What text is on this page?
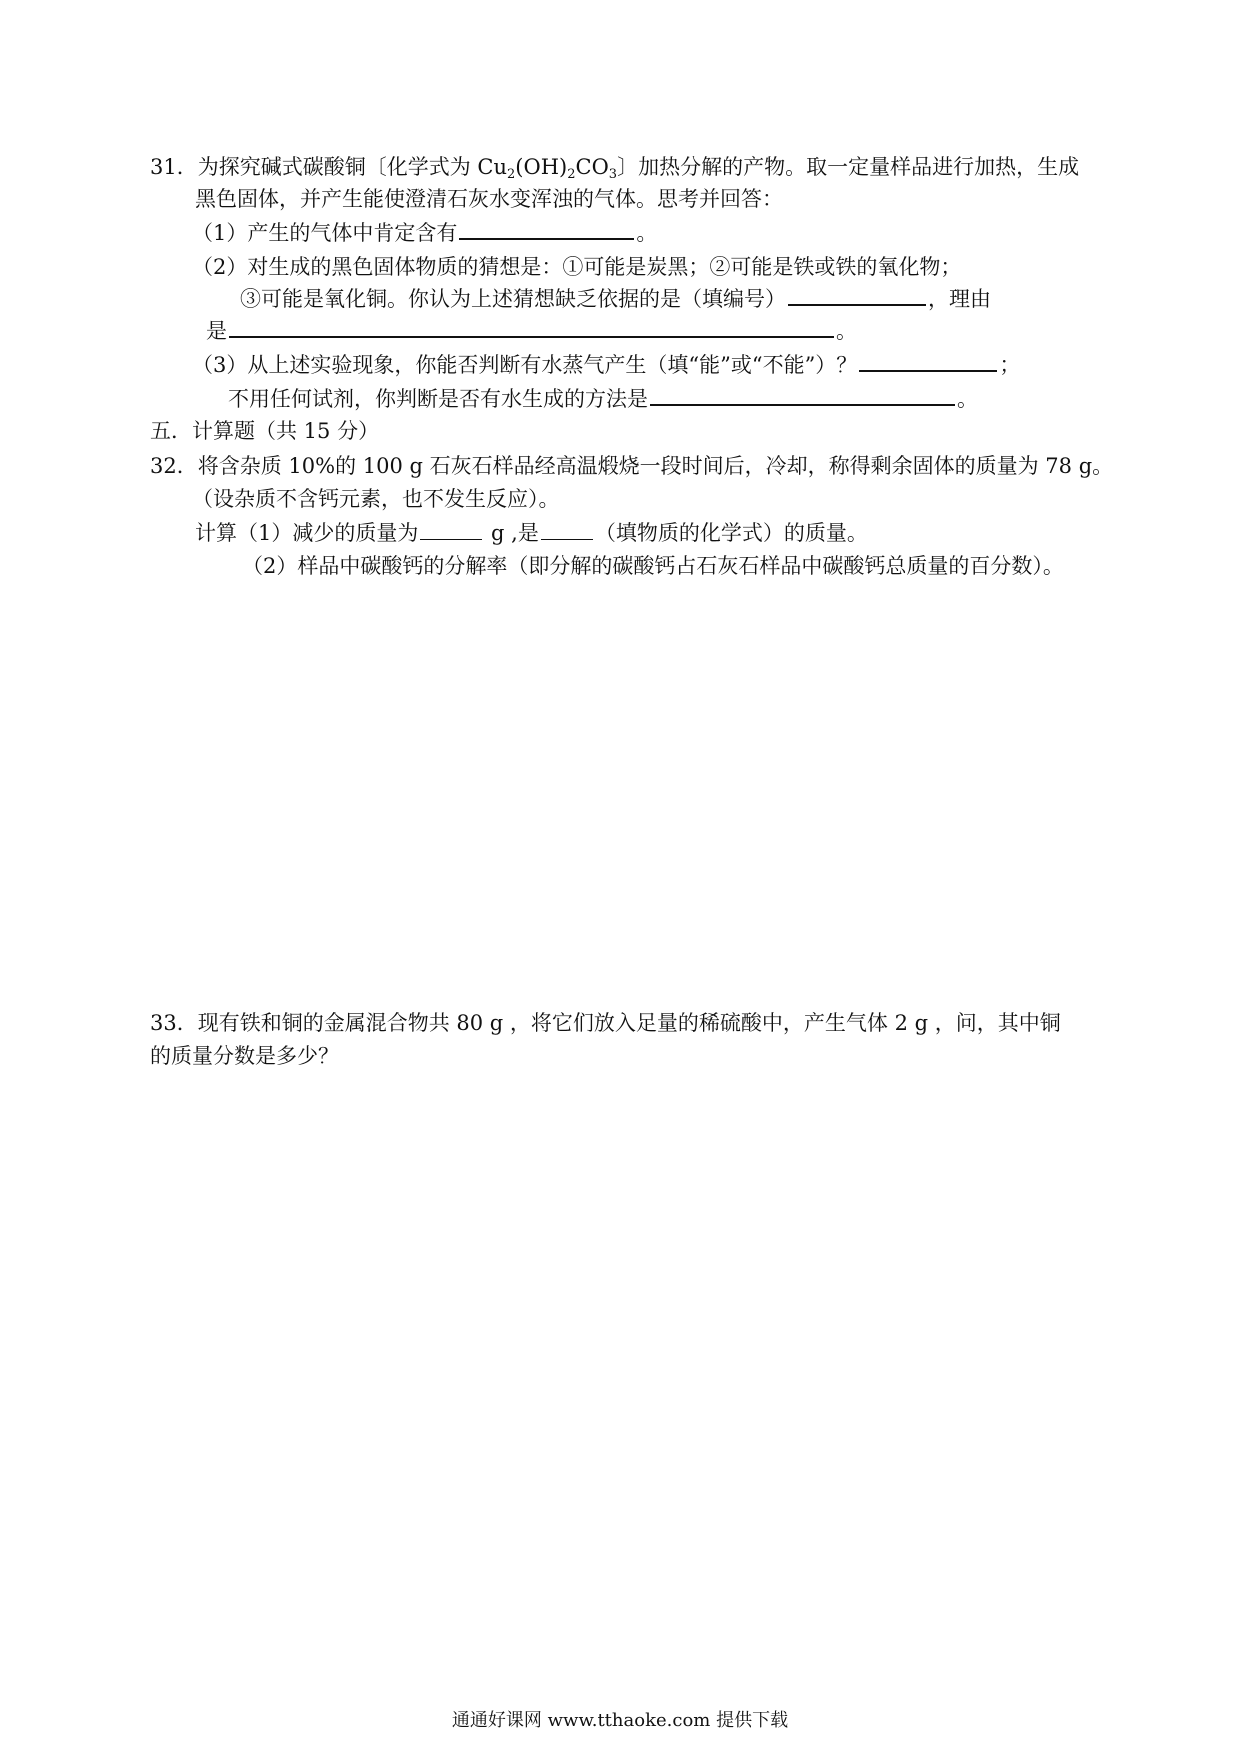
31．为探究碱式碳酸铜〔化学式为 $Cu_2(OH)_2CO_3$〕加热分解的产物。取一定量样品进行加热，生成
黑色固体，并产生能使澄清石灰水变浑浊的气体。思考并回答：
（1）产生的气体中肯定含有	。
（2）对生成的黑色固体物质的猜想是：①可能是炭黑；②可能是铁或铁的氧化物；
③可能是氧化铜。你认为上述猜想缺乏依据的是（填编号）	，理由
是	。
（3）从上述实验现象，你能否判断有水蒸气产生（填“能”或“不能”）？	；
不用任何试剂，你判断是否有水生成的方法是	。
五．计算题（共 15 分）
32．将含杂质 10%的 100 g 石灰石样品经高温煅烧一段时间后，冷却，称得剩余固体的质量为 78 g。
（设杂质不含钙元素，也不发生反应）。
计算（1）减少的质量为	g ,是	（填物质的化学式）的质量。
（2）样品中碳酸钙的分解率（即分解的碳酸钙占石灰石样品中碳酸钙总质量的百分数）。
33．现有铁和铜的金属混合物共 80 g ，将它们放入足量的稀硫酸中，产生气体 2 g ，问，其中铜
的质量分数是多少？
通通好课网 www.tthaoke.com 提供下载
